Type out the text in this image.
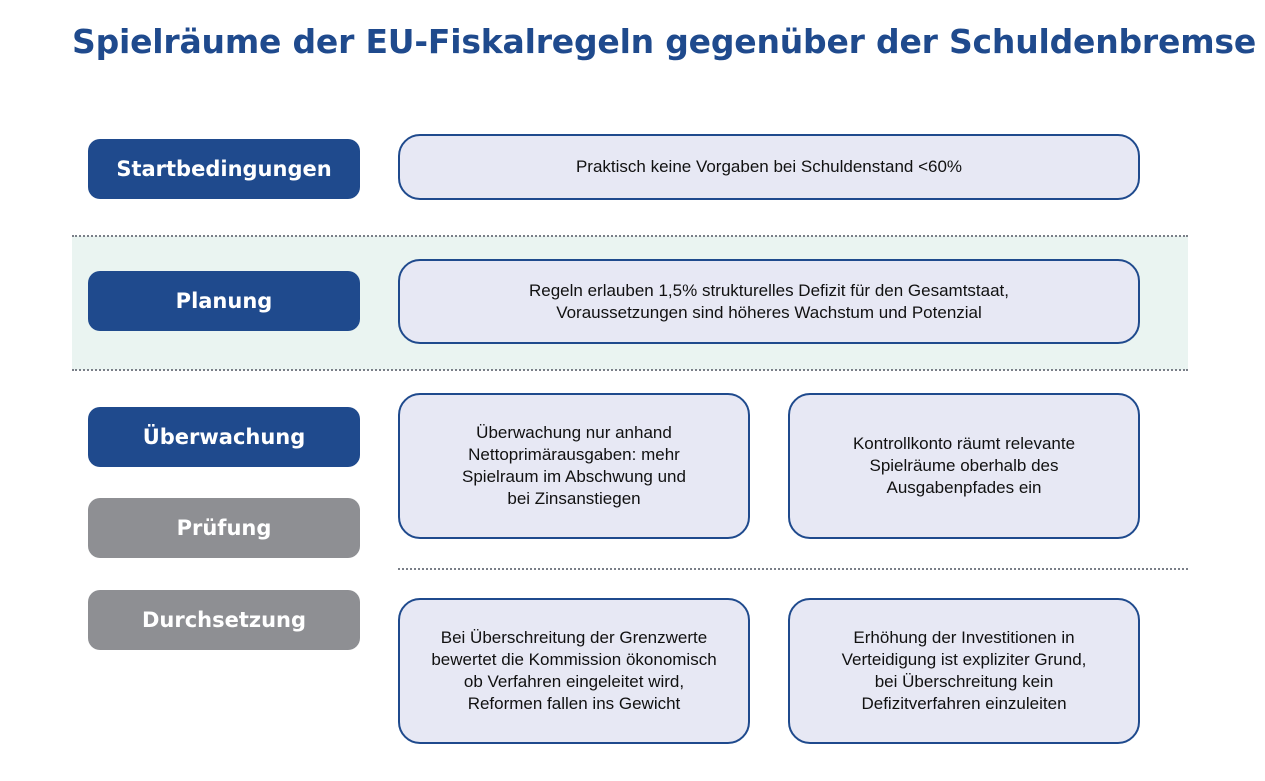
Spielräume der EU-Fiskalregeln gegenüber der Schuldenbremse
Startbedingungen
Planung
Überwachung
Prüfung
Durchsetzung
Praktisch keine Vorgaben bei Schuldenstand <60%
Regeln erlauben 1,5% strukturelles Defizit für den Gesamtstaat,
Voraussetzungen sind höheres Wachstum und Potenzial
Überwachung nur anhand
Nettoprimärausgaben: mehr
Spielraum im Abschwung und
bei Zinsanstiegen
Kontrollkonto räumt relevante
Spielräume oberhalb des
Ausgabenpfades ein
Bei Überschreitung der Grenzwerte
bewertet die Kommission ökonomisch
ob Verfahren eingeleitet wird,
Reformen fallen ins Gewicht
Erhöhung der Investitionen in
Verteidigung ist expliziter Grund,
bei Überschreitung kein
Defizitverfahren einzuleiten
